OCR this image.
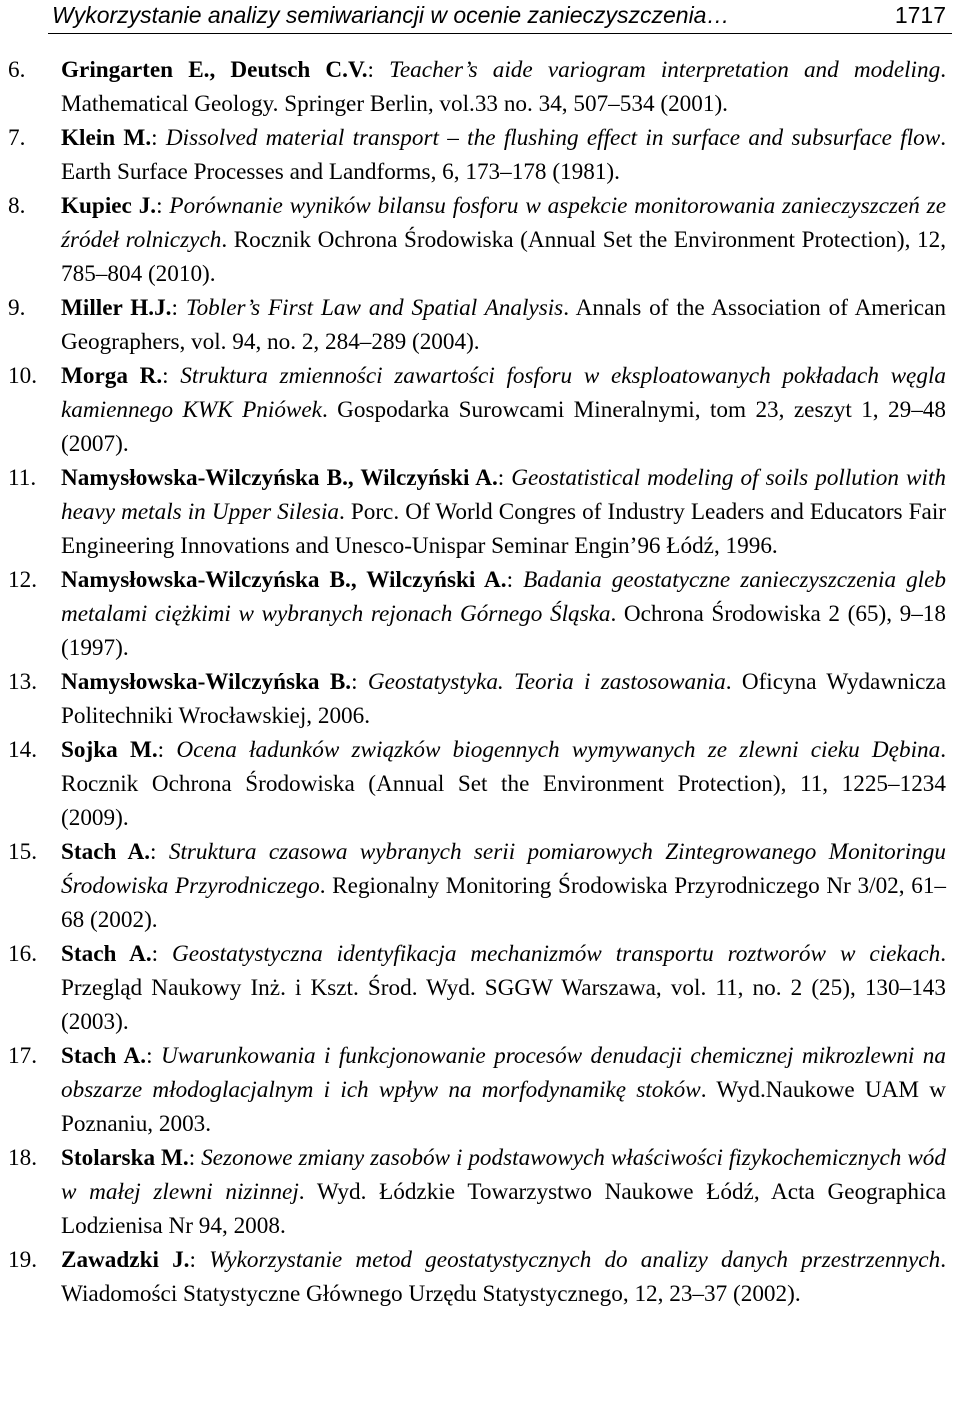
Wykorzystanie analizy semiwariancji w ocenie zanieczyszczenia…	1717
6.	Gringarten E., Deutsch C.V.: Teacher’s aide variogram interpretation and modeling. Mathematical Geology. Springer Berlin, vol.33 no. 34, 507–534 (2001).
7.	Klein M.: Dissolved material transport – the flushing effect in surface and subsurface flow. Earth Surface Processes and Landforms, 6, 173–178 (1981).
8.	Kupiec J.: Porównanie wyników bilansu fosforu w aspekcie monitorowania zanieczyszczeń ze źródeł rolniczych. Rocznik Ochrona Środowiska (Annual Set the Environment Protection), 12, 785–804 (2010).
9.	Miller H.J.: Tobler’s First Law and Spatial Analysis. Annals of the Association of American Geographers, vol. 94, no. 2, 284–289 (2004).
10.	Morga R.: Struktura zmienności zawartości fosforu w eksploatowanych pokładach węgla kamiennego KWK Pniówek. Gospodarka Surowcami Mineralnymi, tom 23, zeszyt 1, 29–48 (2007).
11.	Namysłowska-Wilczyńska B., Wilczyński A.: Geostatistical modeling of soils pollution with heavy metals in Upper Silesia. Porc. Of World Congres of Industry Leaders and Educators Fair Engineering Innovations and Unesco-Unispar Seminar Engin’96 Łódź, 1996.
12.	Namysłowska-Wilczyńska B., Wilczyński A.: Badania geostatyczne zanieczyszczenia gleb metalami ciężkimi w wybranych rejonach Górnego Śląska. Ochrona Środowiska 2 (65), 9–18 (1997).
13.	Namysłowska-Wilczyńska B.: Geostatystyka. Teoria i zastosowania. Oficyna Wydawnicza Politechniki Wrocławskiej, 2006.
14.	Sojka M.: Ocena ładunków związków biogennych wymywanych ze zlewni cieku Dębina. Rocznik Ochrona Środowiska (Annual Set the Environment Protection), 11, 1225–1234 (2009).
15.	Stach A.: Struktura czasowa wybranych serii pomiarowych Zintegrowanego Monitoringu Środowiska Przyrodniczego. Regionalny Monitoring Środowiska Przyrodniczego Nr 3/02, 61–68 (2002).
16.	Stach A.: Geostatystyczna identyfikacja mechanizmów transportu roztworów w ciekach. Przegląd Naukowy Inż. i Kszt. Środ. Wyd. SGGW Warszawa, vol. 11, no. 2 (25), 130–143 (2003).
17.	Stach A.: Uwarunkowania i funkcjonowanie procesów denudacji chemicznej mikrozlewni na obszarze młodoglacjalnym i ich wpływ na morfodynamikę stoków. Wyd.Naukowe UAM w Poznaniu, 2003.
18.	Stolarska M.: Sezonowe zmiany zasobów i podstawowych właściwości fizykochemicznych wód w małej zlewni nizinnej. Wyd. Łódzkie Towarzystwo Naukowe Łódź, Acta Geographica Lodzienisa Nr 94, 2008.
19.	Zawadzki J.: Wykorzystanie metod geostatystycznych do analizy danych przestrzennych. Wiadomości Statystyczne Głównego Urzędu Statystycznego, 12, 23–37 (2002).
